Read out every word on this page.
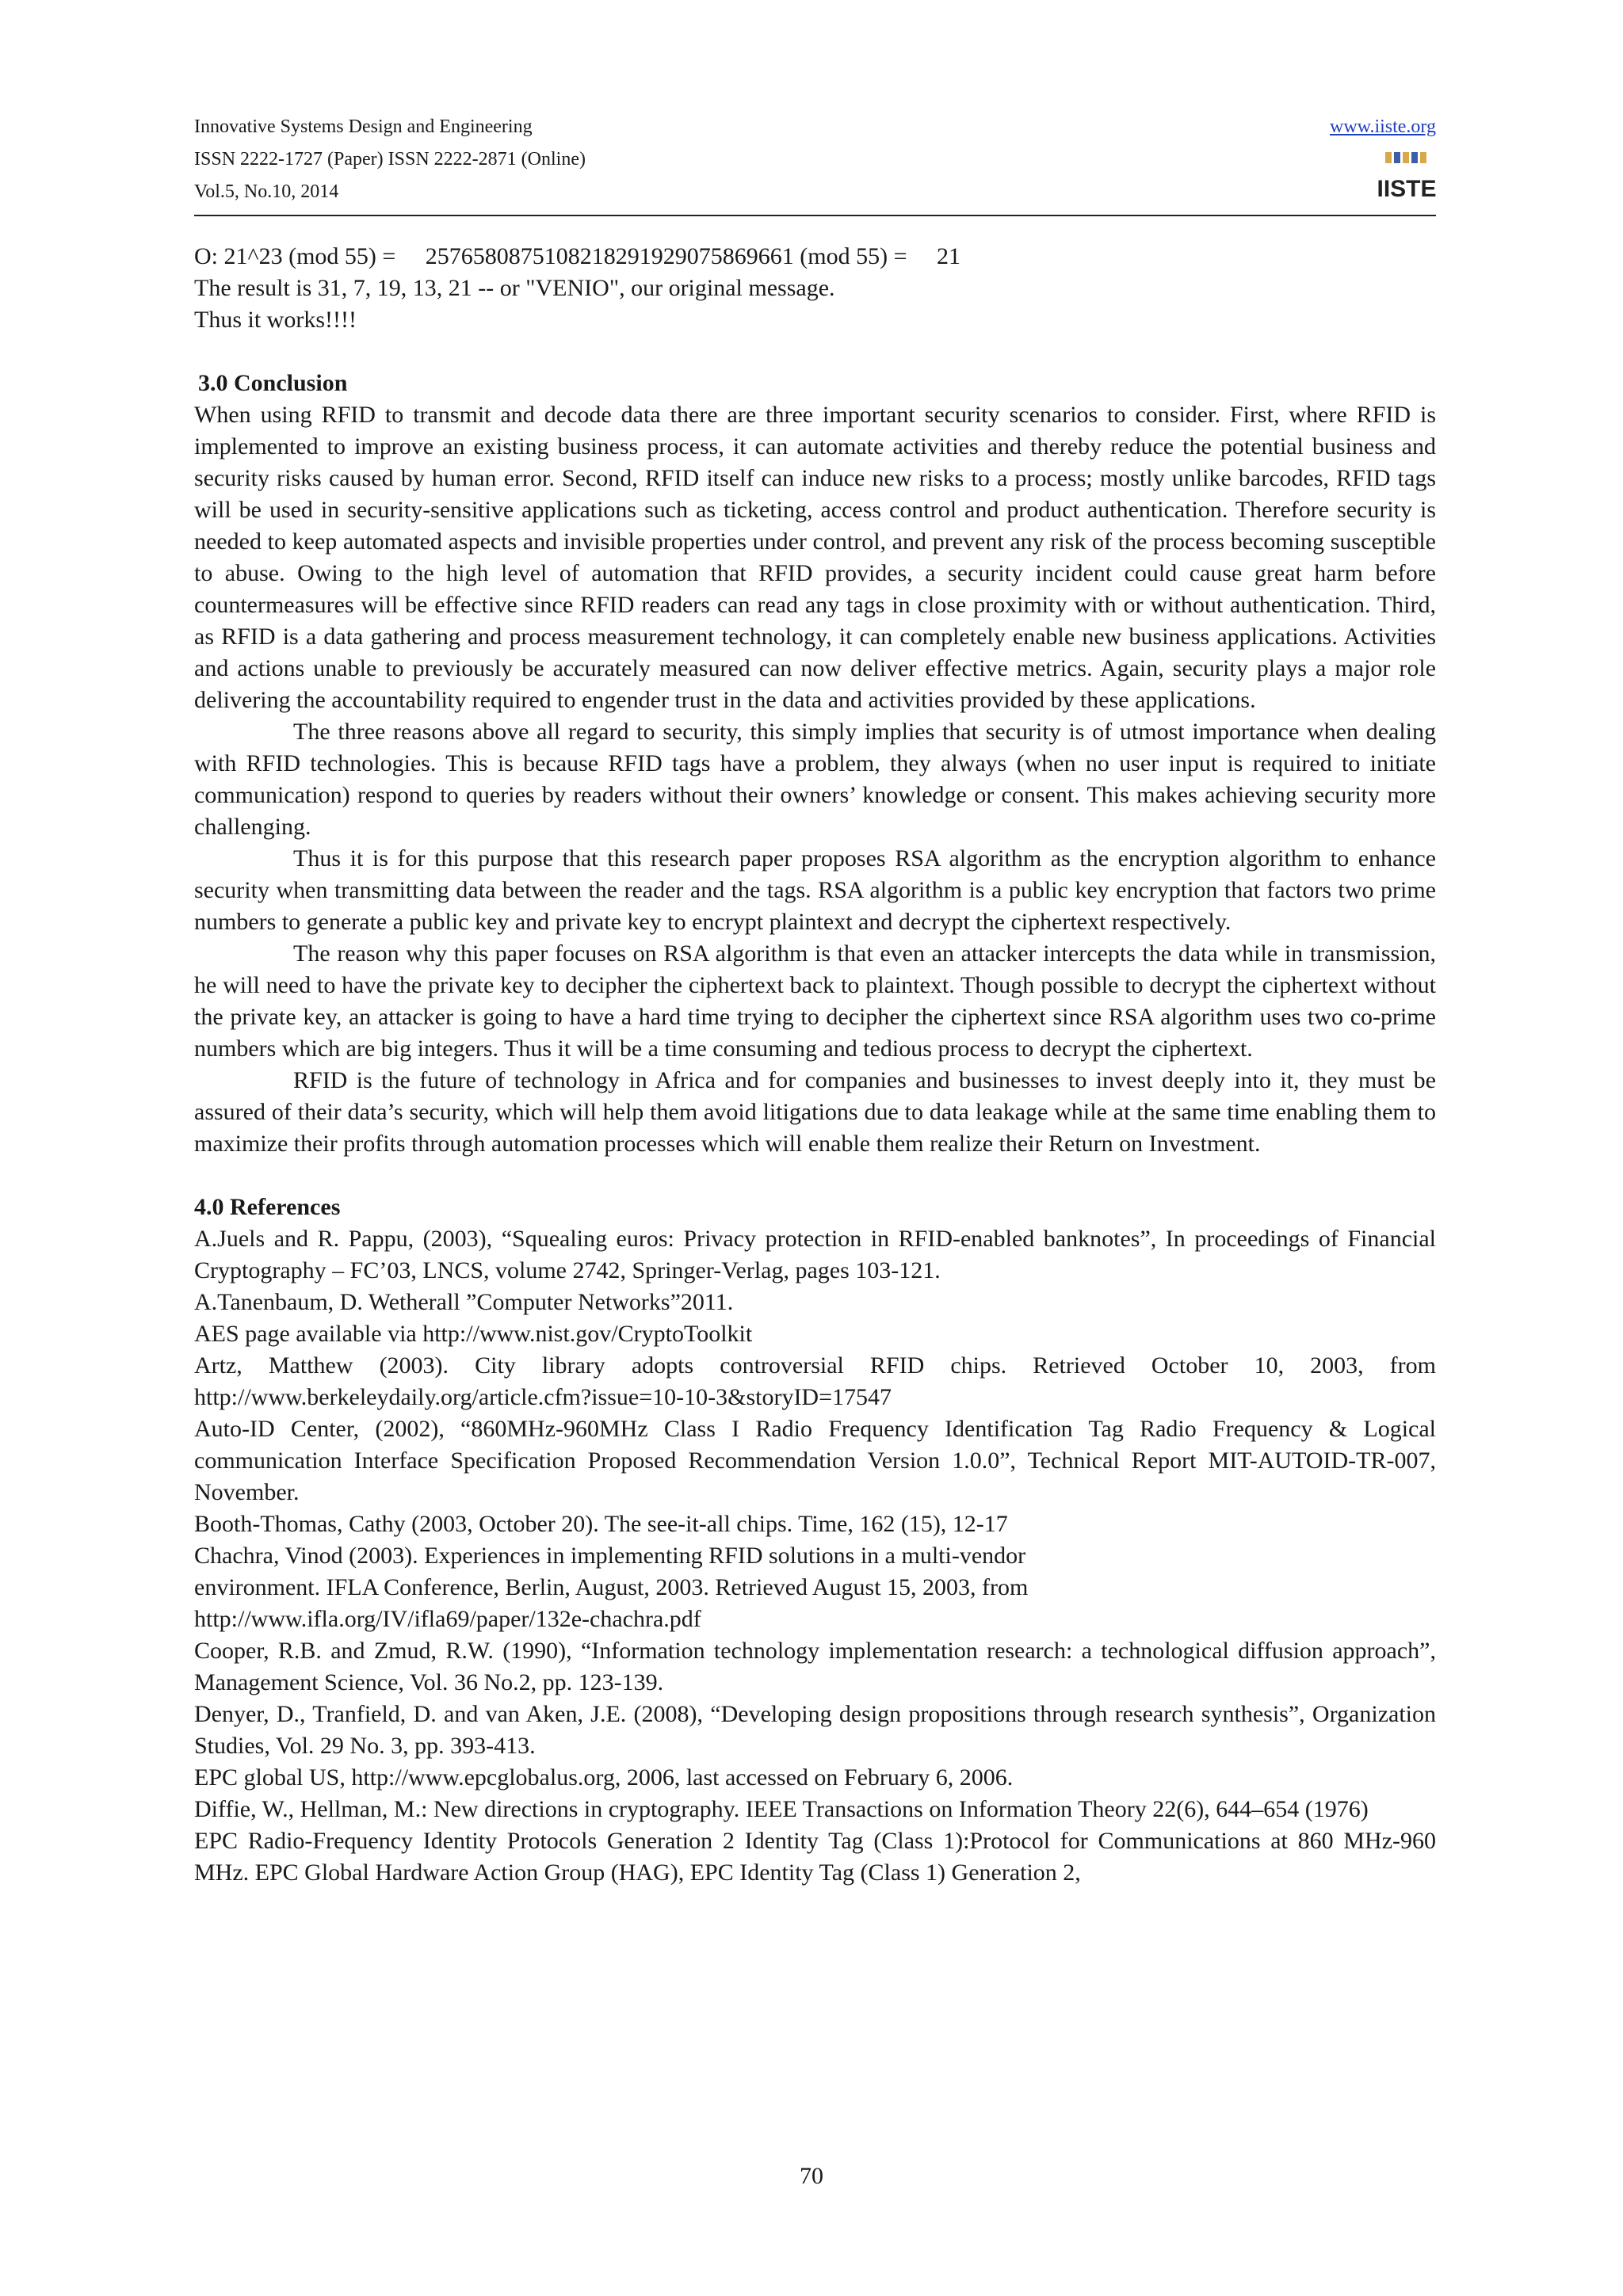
Innovative Systems Design and Engineering
ISSN 2222-1727 (Paper) ISSN 2222-2871 (Online)
Vol.5, No.10, 2014
www.iiste.org
IISTE

O: 21^23 (mod 55) =     25765808751082182919290758696​61 (mod 55) =     21

The result is 31, 7, 19, 13, 21 -- or "VENIO", our original message.

Thus it works!!!!

3.0 Conclusion

When using RFID to transmit and decode data there are three important security scenarios to consider. First, where RFID is implemented to improve an existing business process, it can automate activities and thereby reduce the potential business and security risks caused by human error. Second, RFID itself can induce new risks to a process; mostly unlike barcodes, RFID tags will be used in security-sensitive applications such as ticketing, access control and product authentication. Therefore security is needed to keep automated aspects and invisible properties under control, and prevent any risk of the process becoming susceptible to abuse. Owing to the high level of automation that RFID provides, a security incident could cause great harm before countermeasures will be effective since RFID readers can read any tags in close proximity with or without authentication. Third, as RFID is a data gathering and process measurement technology, it can completely enable new business applications. Activities and actions unable to previously be accurately measured can now deliver effective metrics. Again, security plays a major role delivering the accountability required to engender trust in the data and activities provided by these applications.

The three reasons above all regard to security, this simply implies that security is of utmost importance when dealing with RFID technologies. This is because RFID tags have a problem, they always (when no user input is required to initiate communication) respond to queries by readers without their owners’ knowledge or consent. This makes achieving security more challenging.

Thus it is for this purpose that this research paper proposes RSA algorithm as the encryption algorithm to enhance security when transmitting data between the reader and the tags. RSA algorithm is a public key encryption that factors two prime numbers to generate a public key and private key to encrypt plaintext and decrypt the ciphertext respectively.

The reason why this paper focuses on RSA algorithm is that even an attacker intercepts the data while in transmission, he will need to have the private key to decipher the ciphertext back to plaintext. Though possible to decrypt the ciphertext without the private key, an attacker is going to have a hard time trying to decipher the ciphertext since RSA algorithm uses two co-prime numbers which are big integers. Thus it will be a time consuming and tedious process to decrypt the ciphertext.

RFID is the future of technology in Africa and for companies and businesses to invest deeply into it, they must be assured of their data’s security, which will help them avoid litigations due to data leakage while at the same time enabling them to maximize their profits through automation processes which will enable them realize their Return on Investment.

4.0 References

A.Juels and R. Pappu, (2003), “Squealing euros: Privacy protection in RFID-enabled banknotes”, In proceedings of Financial Cryptography – FC’03, LNCS, volume 2742, Springer-Verlag, pages 103-121.

A.Tanenbaum, D. Wetherall ”Computer Networks”2011.

AES page available via http://www.nist.gov/CryptoToolkit

Artz, Matthew (2003). City library adopts controversial RFID chips. Retrieved October 10, 2003, from http://www.berkeleydaily.org/article.cfm?issue=10-10-3&storyID=17547

Auto-ID Center, (2002), “860MHz-960MHz Class I Radio Frequency Identification Tag Radio Frequency & Logical communication Interface Specification Proposed Recommendation Version 1.0.0”, Technical Report MIT-AUTOID-TR-007, November.

Booth-Thomas, Cathy (2003, October 20). The see-it-all chips. Time, 162 (15), 12-17

Chachra, Vinod (2003). Experiences in implementing RFID solutions in a multi-vendor

environment. IFLA Conference, Berlin, August, 2003. Retrieved August 15, 2003, from

http://www.ifla.org/IV/ifla69/paper/132e-chachra.pdf

Cooper, R.B. and Zmud, R.W. (1990), “Information technology implementation research: a technological diffusion approach”, Management Science, Vol. 36 No.2, pp. 123-139.

Denyer, D., Tranfield, D. and van Aken, J.E. (2008), “Developing design propositions through research synthesis”, Organization Studies, Vol. 29 No. 3, pp. 393-413.

EPC global US, http://www.epcglobalus.org, 2006, last accessed on February 6, 2006.

Diffie, W., Hellman, M.: New directions in cryptography. IEEE Transactions on Information Theory 22(6), 644–654 (1976)

EPC Radio-Frequency Identity Protocols Generation 2 Identity Tag (Class 1):Protocol for Communications at 860 MHz-960 MHz. EPC Global Hardware Action Group (HAG), EPC Identity Tag (Class 1) Generation 2,

70
